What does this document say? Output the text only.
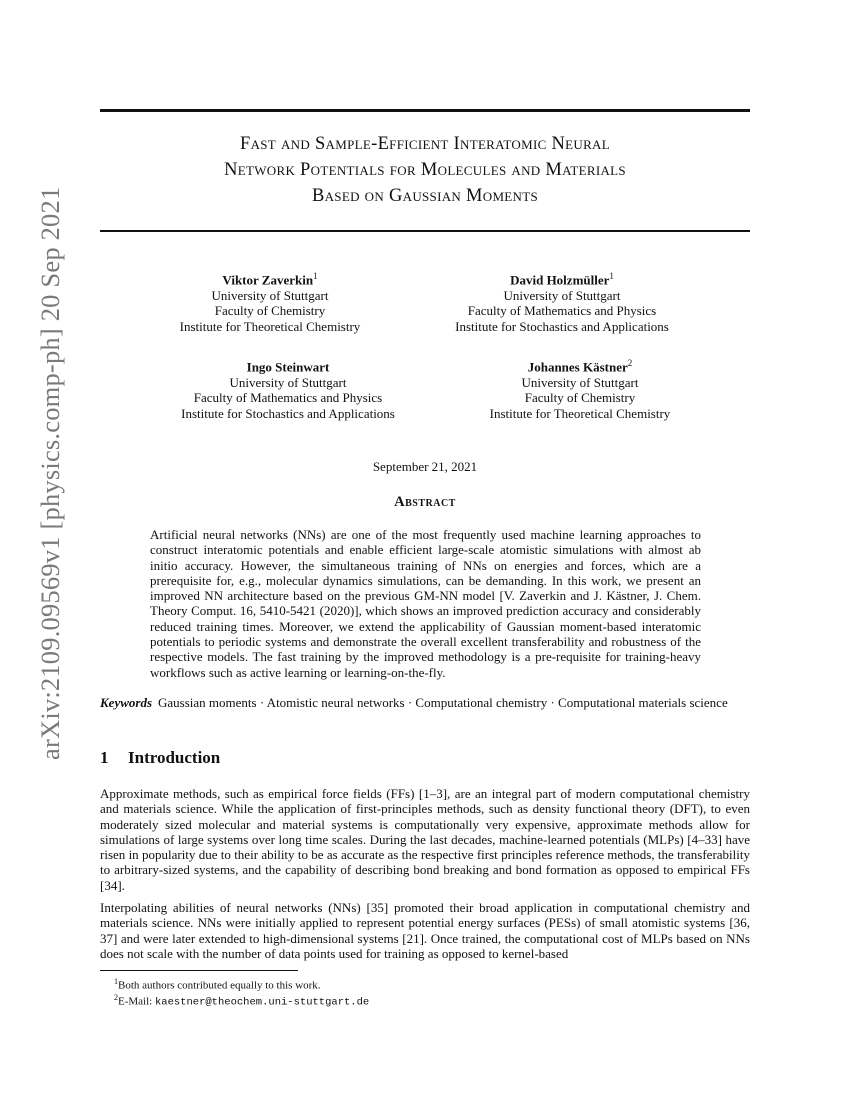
arXiv:2109.09569v1 [physics.comp-ph] 20 Sep 2021
Fast and Sample-Efficient Interatomic Neural
Network Potentials for Molecules and Materials
Based on Gaussian Moments
Viktor Zaverkin$^1$
University of Stuttgart
Faculty of Chemistry
Institute for Theoretical Chemistry
David Holzmüller$^1$
University of Stuttgart
Faculty of Mathematics and Physics
Institute for Stochastics and Applications
Ingo Steinwart
University of Stuttgart
Faculty of Mathematics and Physics
Institute for Stochastics and Applications
Johannes Kästner$^2$
University of Stuttgart
Faculty of Chemistry
Institute for Theoretical Chemistry
September 21, 2021
Abstract
Artificial neural networks (NNs) are one of the most frequently used machine learning approaches to construct interatomic potentials and enable efficient large-scale atomistic simulations with almost ab initio accuracy. However, the simultaneous training of NNs on energies and forces, which are a prerequisite for, e.g., molecular dynamics simulations, can be demanding. In this work, we present an improved NN architecture based on the previous GM-NN model [V. Zaverkin and J. Kästner, J. Chem. Theory Comput. 16, 5410-5421 (2020)], which shows an improved prediction accuracy and considerably reduced training times. Moreover, we extend the applicability of Gaussian moment-based interatomic potentials to periodic systems and demonstrate the overall excellent transferability and robustness of the respective models. The fast training by the improved methodology is a pre-requisite for training-heavy workflows such as active learning or learning-on-the-fly.
Keywords Gaussian moments · Atomistic neural networks · Computational chemistry · Computational materials science
1 Introduction
Approximate methods, such as empirical force fields (FFs) [1–3], are an integral part of modern computational chemistry and materials science. While the application of first-principles methods, such as density functional theory (DFT), to even moderately sized molecular and material systems is computationally very expensive, approximate methods allow for simulations of large systems over long time scales. During the last decades, machine-learned potentials (MLPs) [4–33] have risen in popularity due to their ability to be as accurate as the respective first principles reference methods, the transferability to arbitrary-sized systems, and the capability of describing bond breaking and bond formation as opposed to empirical FFs [34].
Interpolating abilities of neural networks (NNs) [35] promoted their broad application in computational chemistry and materials science. NNs were initially applied to represent potential energy surfaces (PESs) of small atomistic systems [36, 37] and were later extended to high-dimensional systems [21]. Once trained, the computational cost of MLPs based on NNs does not scale with the number of data points used for training as opposed to kernel-based
$^1$Both authors contributed equally to this work.
$^2$E-Mail: kaestner@theochem.uni-stuttgart.de
